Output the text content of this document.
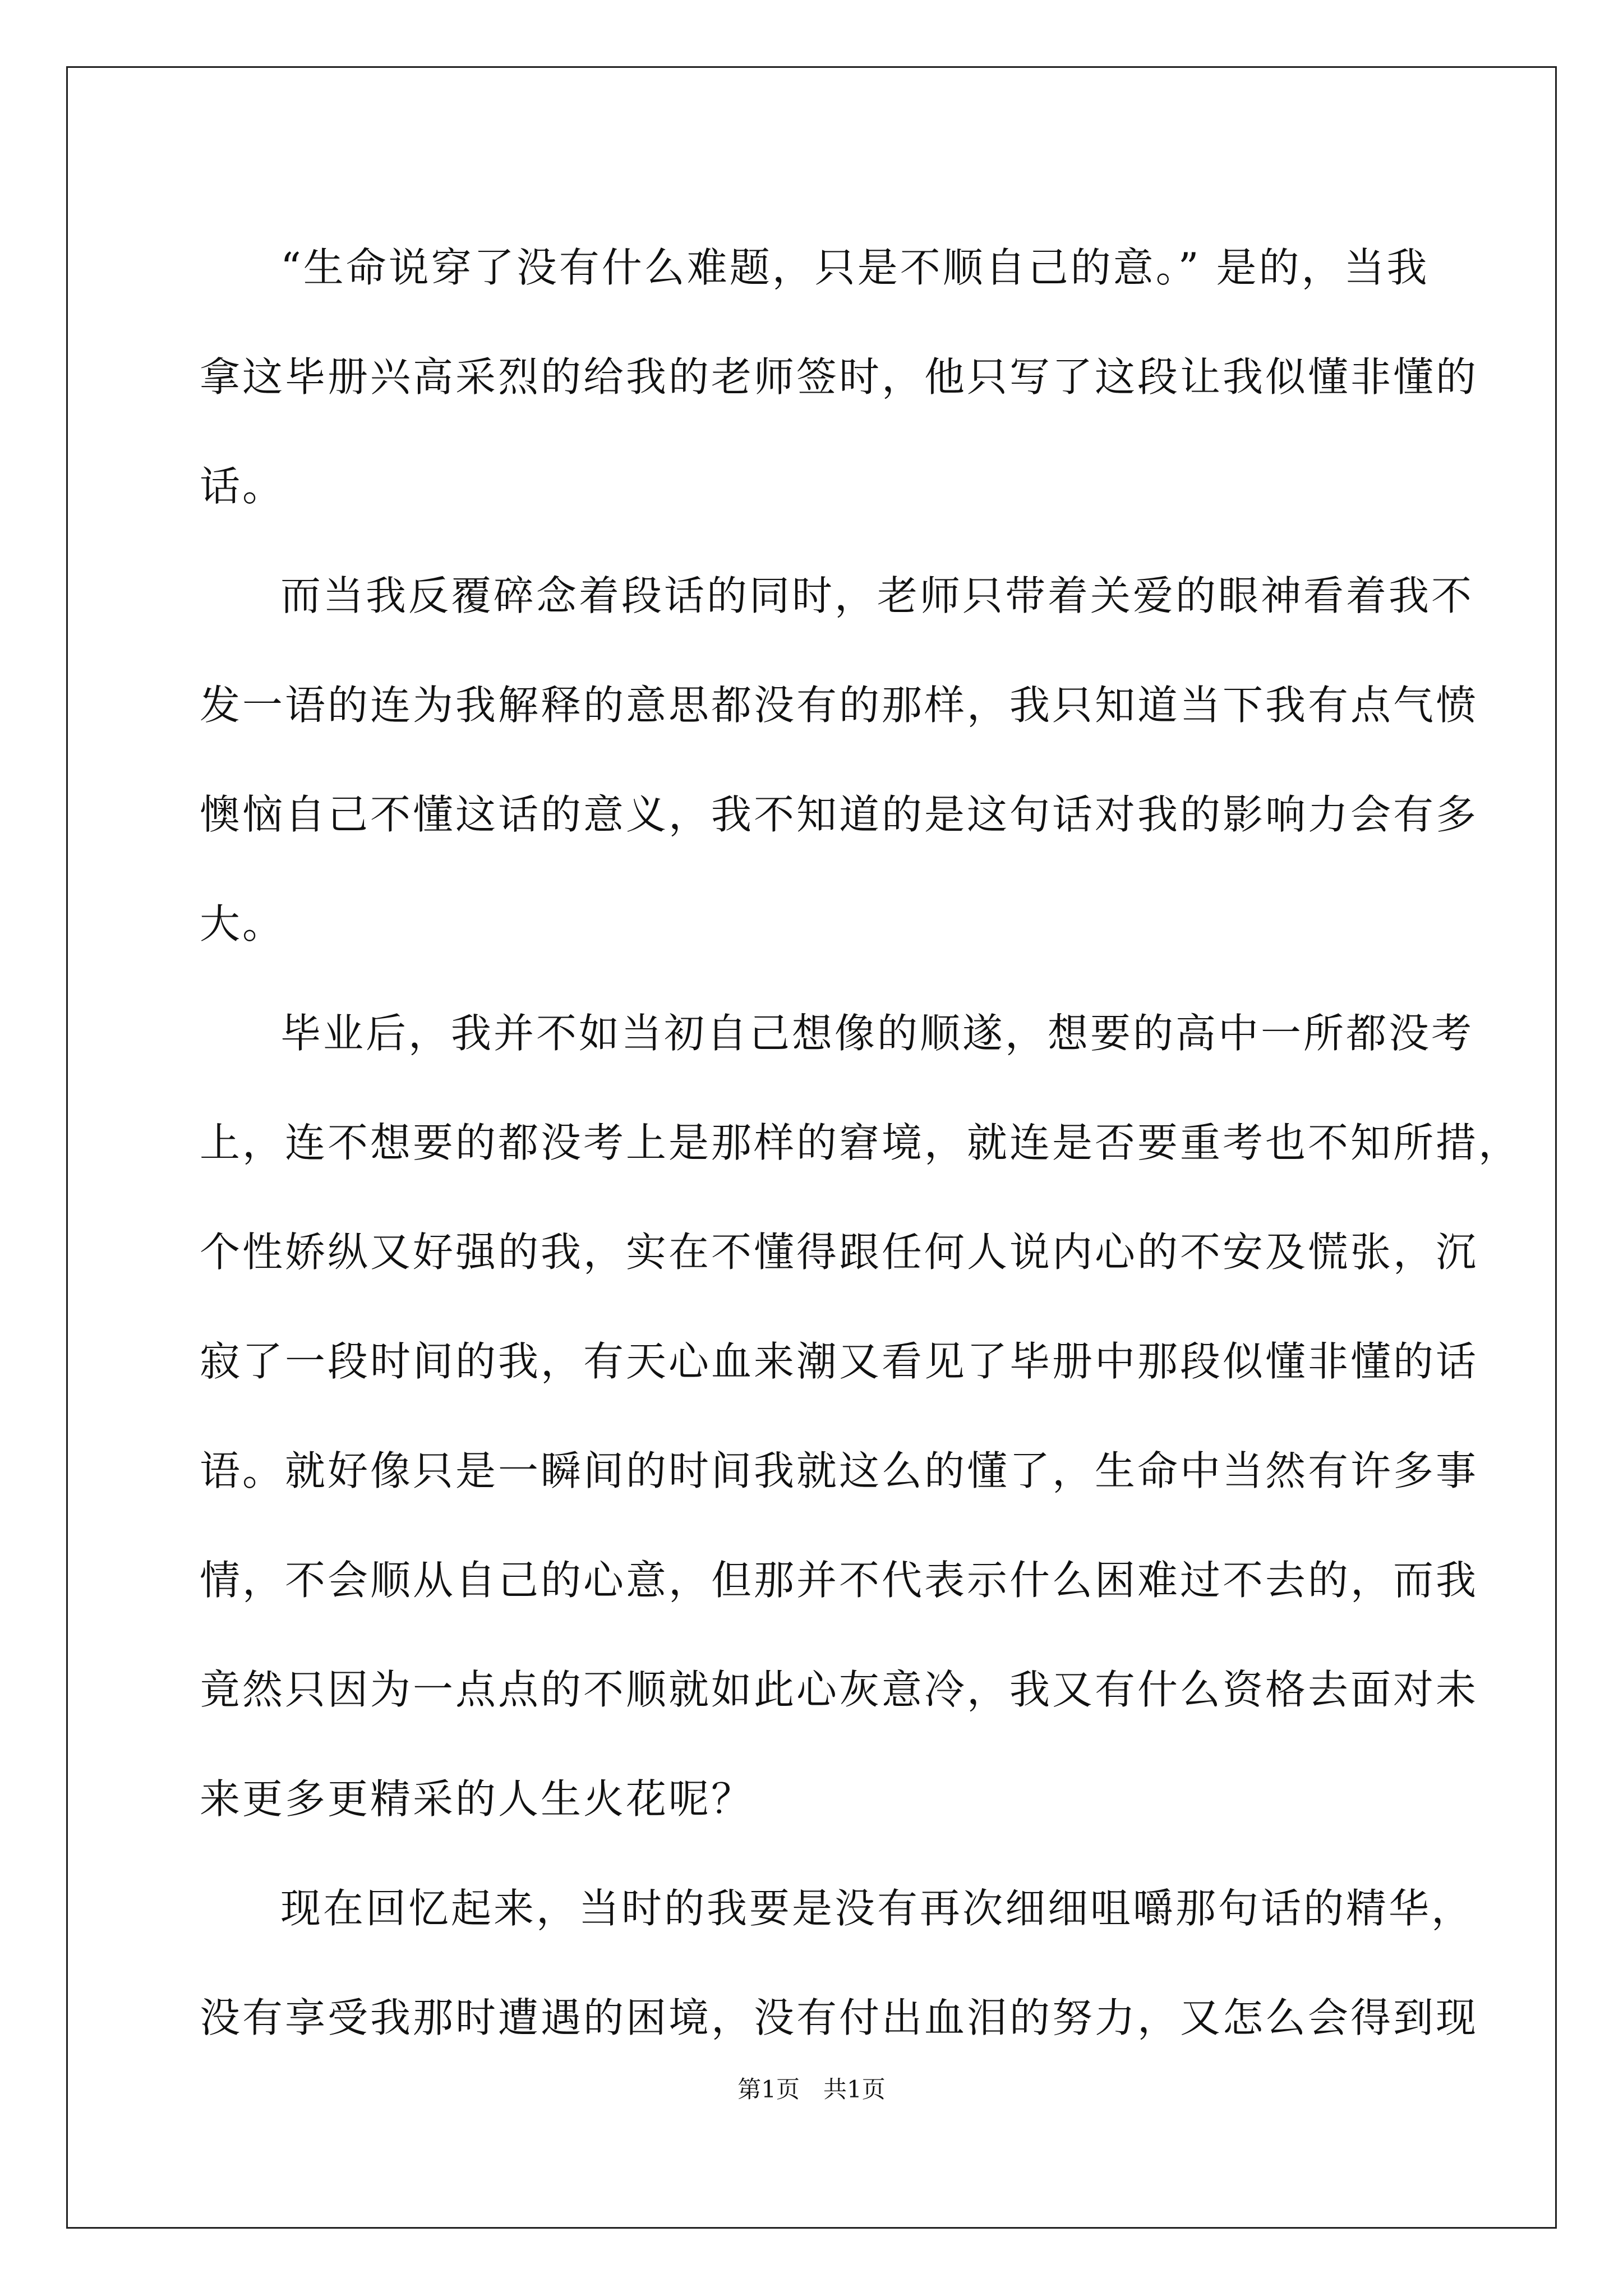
“生命说穿了没有什么难题，只是不顺自己的意。” 是的，当我
拿这毕册兴高采烈的给我的老师签时，他只写了这段让我似懂非懂的
话。
而当我反覆碎念着段话的同时，老师只带着关爱的眼神看着我不
发一语的连为我解释的意思都没有的那样，我只知道当下我有点气愤
懊恼自己不懂这话的意义，我不知道的是这句话对我的影响力会有多
大。
毕业后，我并不如当初自己想像的顺遂，想要的高中一所都没考
上，连不想要的都没考上是那样的窘境，就连是否要重考也不知所措，
个性娇纵又好强的我，实在不懂得跟任何人说内心的不安及慌张，沉
寂了一段时间的我，有天心血来潮又看见了毕册中那段似懂非懂的话
语。就好像只是一瞬间的时间我就这么的懂了，生命中当然有许多事
情，不会顺从自己的心意，但那并不代表示什么困难过不去的，而我
竟然只因为一点点的不顺就如此心灰意冷，我又有什么资格去面对未
来更多更精采的人生火花呢？
现在回忆起来，当时的我要是没有再次细细咀嚼那句话的精华，
没有享受我那时遭遇的困境，没有付出血泪的努力，又怎么会得到现
第1页　共1页
